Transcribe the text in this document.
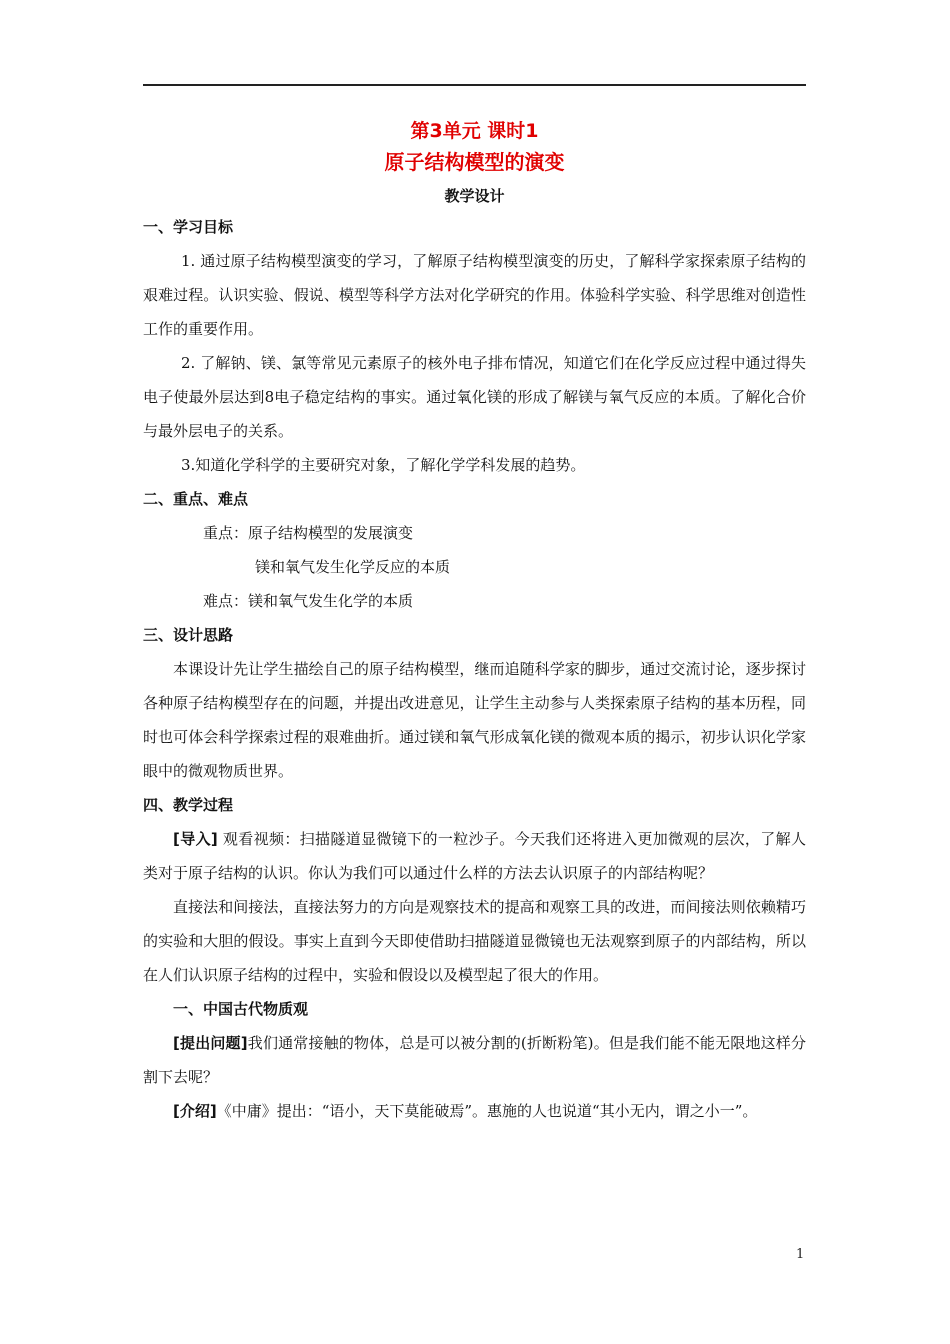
第3单元 课时1
原子结构模型的演变
教学设计
一、学习目标

1. 通过原子结构模型演变的学习，了解原子结构模型演变的历史，了解科学家探索原子结构的艰难过程。认识实验、假说、模型等科学方法对化学研究的作用。体验科学实验、科学思维对创造性工作的重要作用。

2. 了解钠、镁、氯等常见元素原子的核外电子排布情况，知道它们在化学反应过程中通过得失电子使最外层达到8电子稳定结构的事实。通过氧化镁的形成了解镁与氧气反应的本质。了解化合价与最外层电子的关系。

3.知道化学科学的主要研究对象，了解化学学科发展的趋势。

二、重点、难点
重点：原子结构模型的发展演变
镁和氧气发生化学反应的本质
难点：镁和氧气发生化学的本质
三、设计思路

本课设计先让学生描绘自己的原子结构模型，继而追随科学家的脚步，通过交流讨论，逐步探讨各种原子结构模型存在的问题，并提出改进意见，让学生主动参与人类探索原子结构的基本历程，同时也可体会科学探索过程的艰难曲折。通过镁和氧气形成氧化镁的微观本质的揭示，初步认识化学家眼中的微观物质世界。

四、教学过程

[导入] 观看视频：扫描隧道显微镜下的一粒沙子。今天我们还将进入更加微观的层次，了解人类对于原子结构的认识。你认为我们可以通过什么样的方法去认识原子的内部结构呢？

直接法和间接法，直接法努力的方向是观察技术的提高和观察工具的改进，而间接法则依赖精巧的实验和大胆的假设。事实上直到今天即使借助扫描隧道显微镜也无法观察到原子的内部结构，所以在人们认识原子结构的过程中，实验和假设以及模型起了很大的作用。

一、中国古代物质观

[提出问题]我们通常接触的物体，总是可以被分割的(折断粉笔)。但是我们能不能无限地这样分割下去呢？

[介绍]《中庸》提出：“语小，天下莫能破焉”。惠施的人也说道“其小无内，谓之小一”。

1
